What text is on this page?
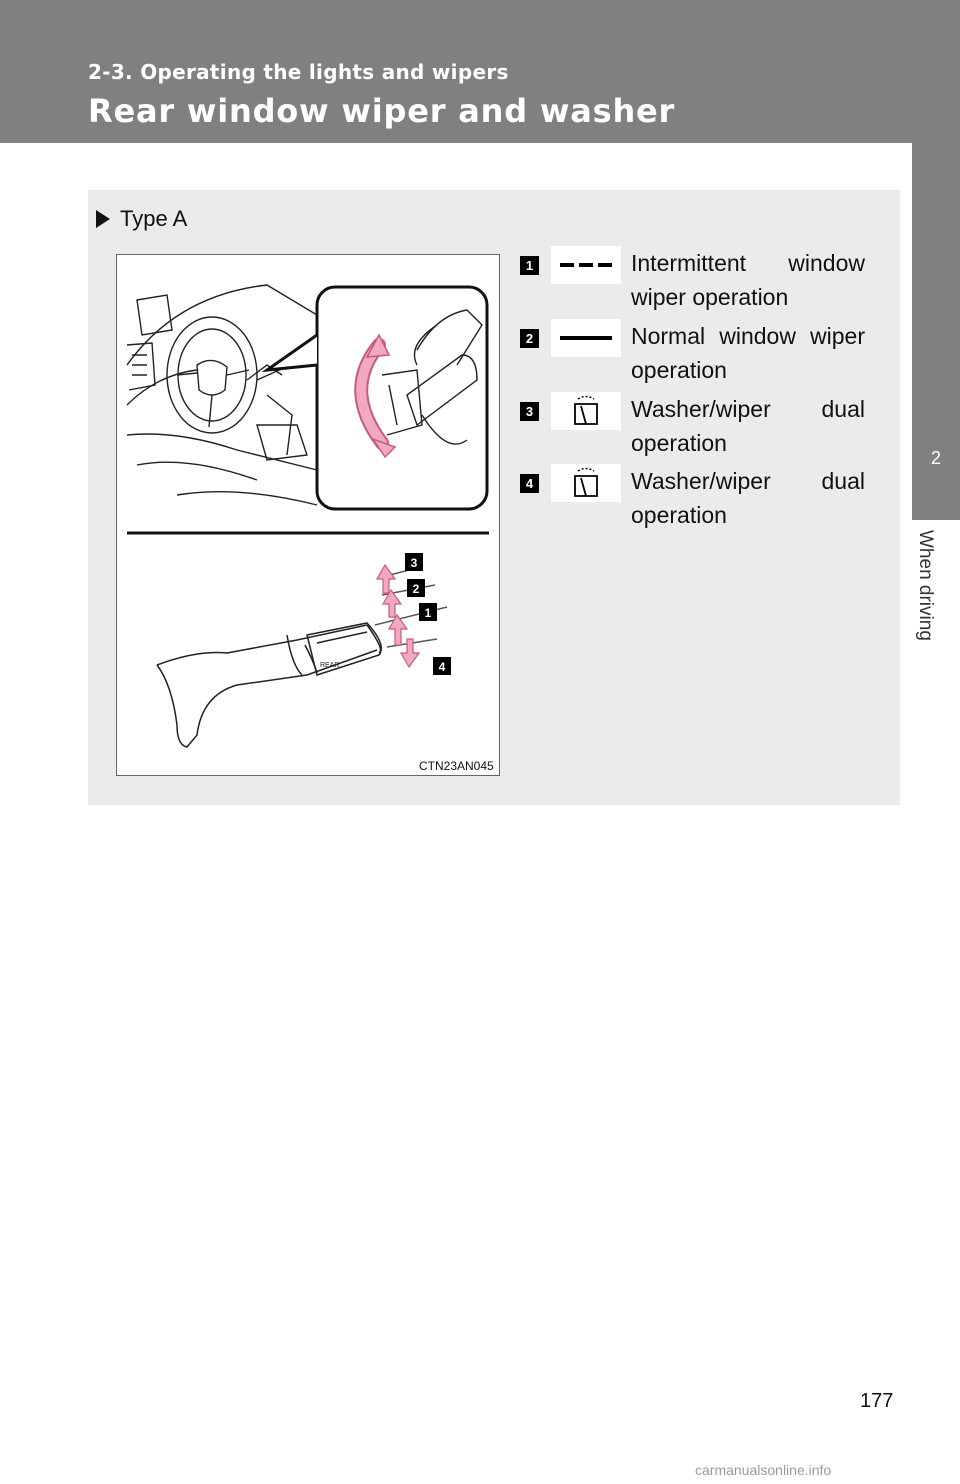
2-3. Operating the lights and wipers
Rear window wiper and washer
2
When driving
Type A
3
2
1
4
REAR
CTN23AN045
1	Intermittent window wiper operation
2	Normal window wiper operation
3	Washer/wiper dual operation
4	Washer/wiper dual operation
177
carmanualsonline.info
